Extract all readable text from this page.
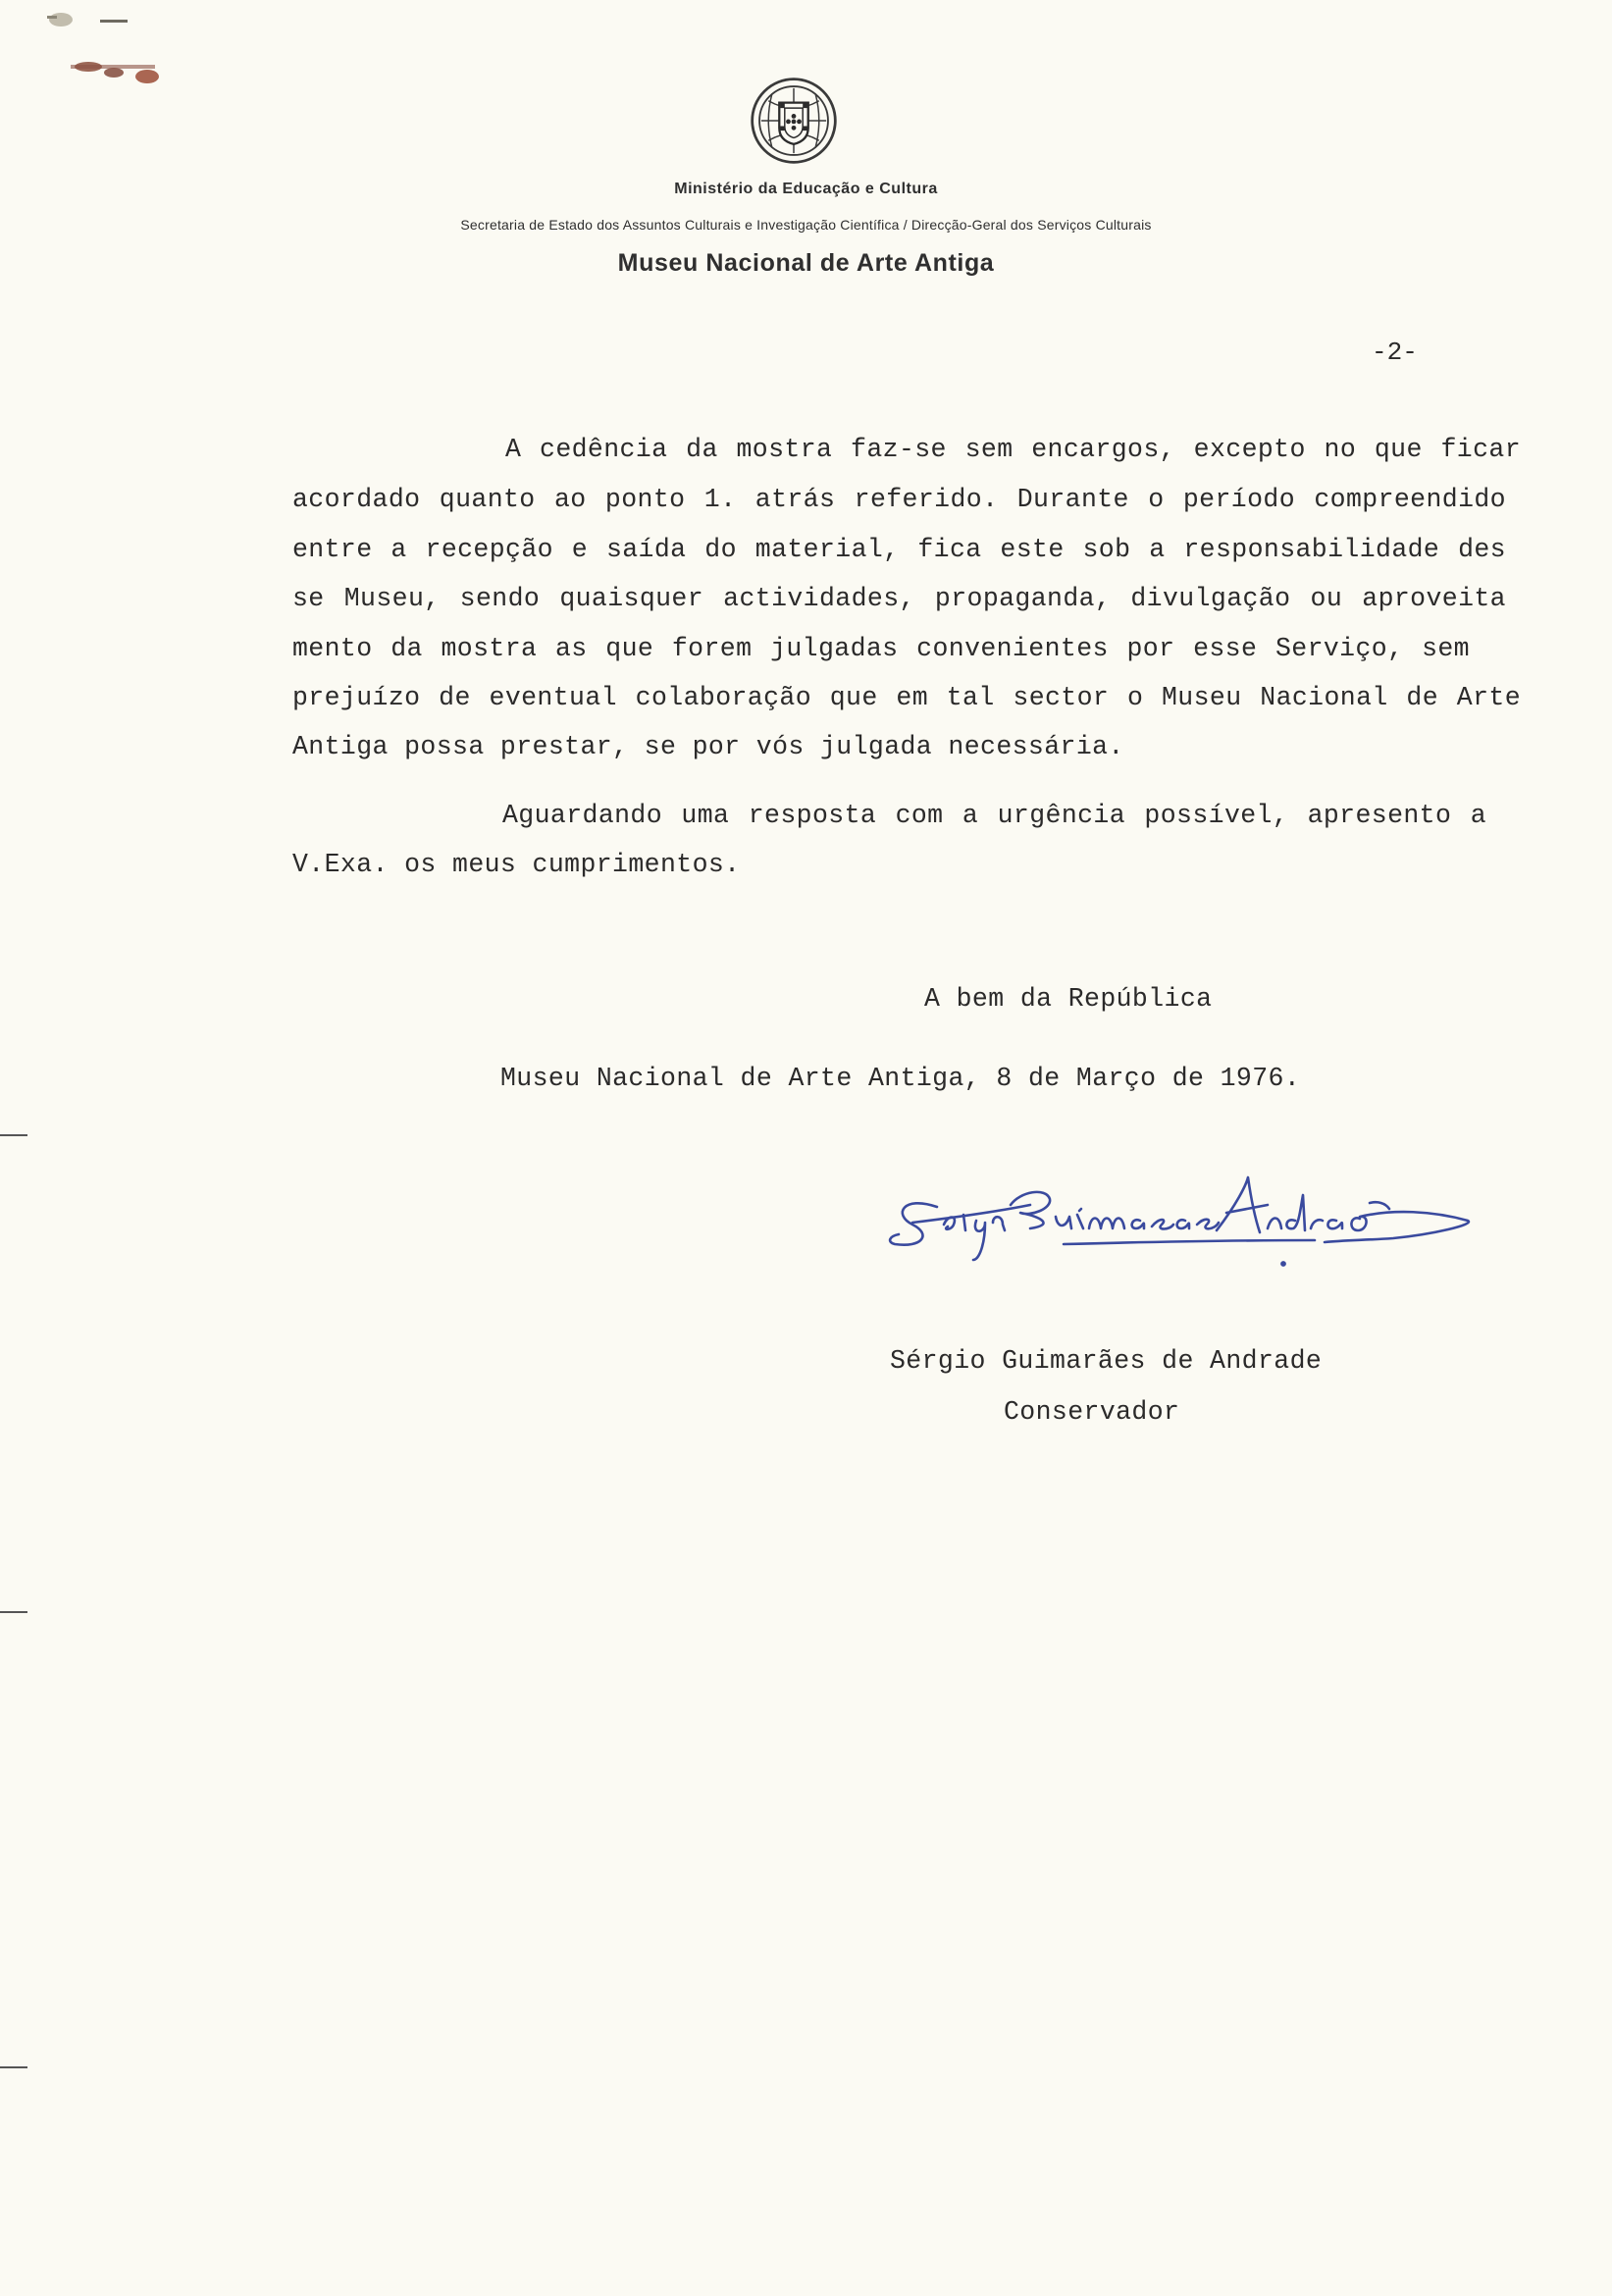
Ministério da Educação e Cultura
Secretaria de Estado dos Assuntos Culturais e Investigação Científica / Direcção-Geral dos Serviços Culturais
Museu Nacional de Arte Antiga
-2-
A cedência da mostra faz-se sem encargos, excepto no que ficar
acordado quanto ao ponto 1. atrás referido. Durante o período compreendido
entre a recepção e saída do material, fica este sob a responsabilidade des
se Museu, sendo quaisquer actividades, propaganda, divulgação ou aproveita
mento da mostra as que forem julgadas convenientes por esse Serviço, sem
prejuízo de eventual colaboração que em tal sector o Museu Nacional de Arte
Antiga possa prestar, se por vós julgada necessária.
Aguardando uma resposta com a urgência possível, apresento a
V.Exa. os meus cumprimentos.
A bem da República
Museu Nacional de Arte Antiga, 8 de Março de 1976.
Sérgio Guimarães de Andrade
Conservador
